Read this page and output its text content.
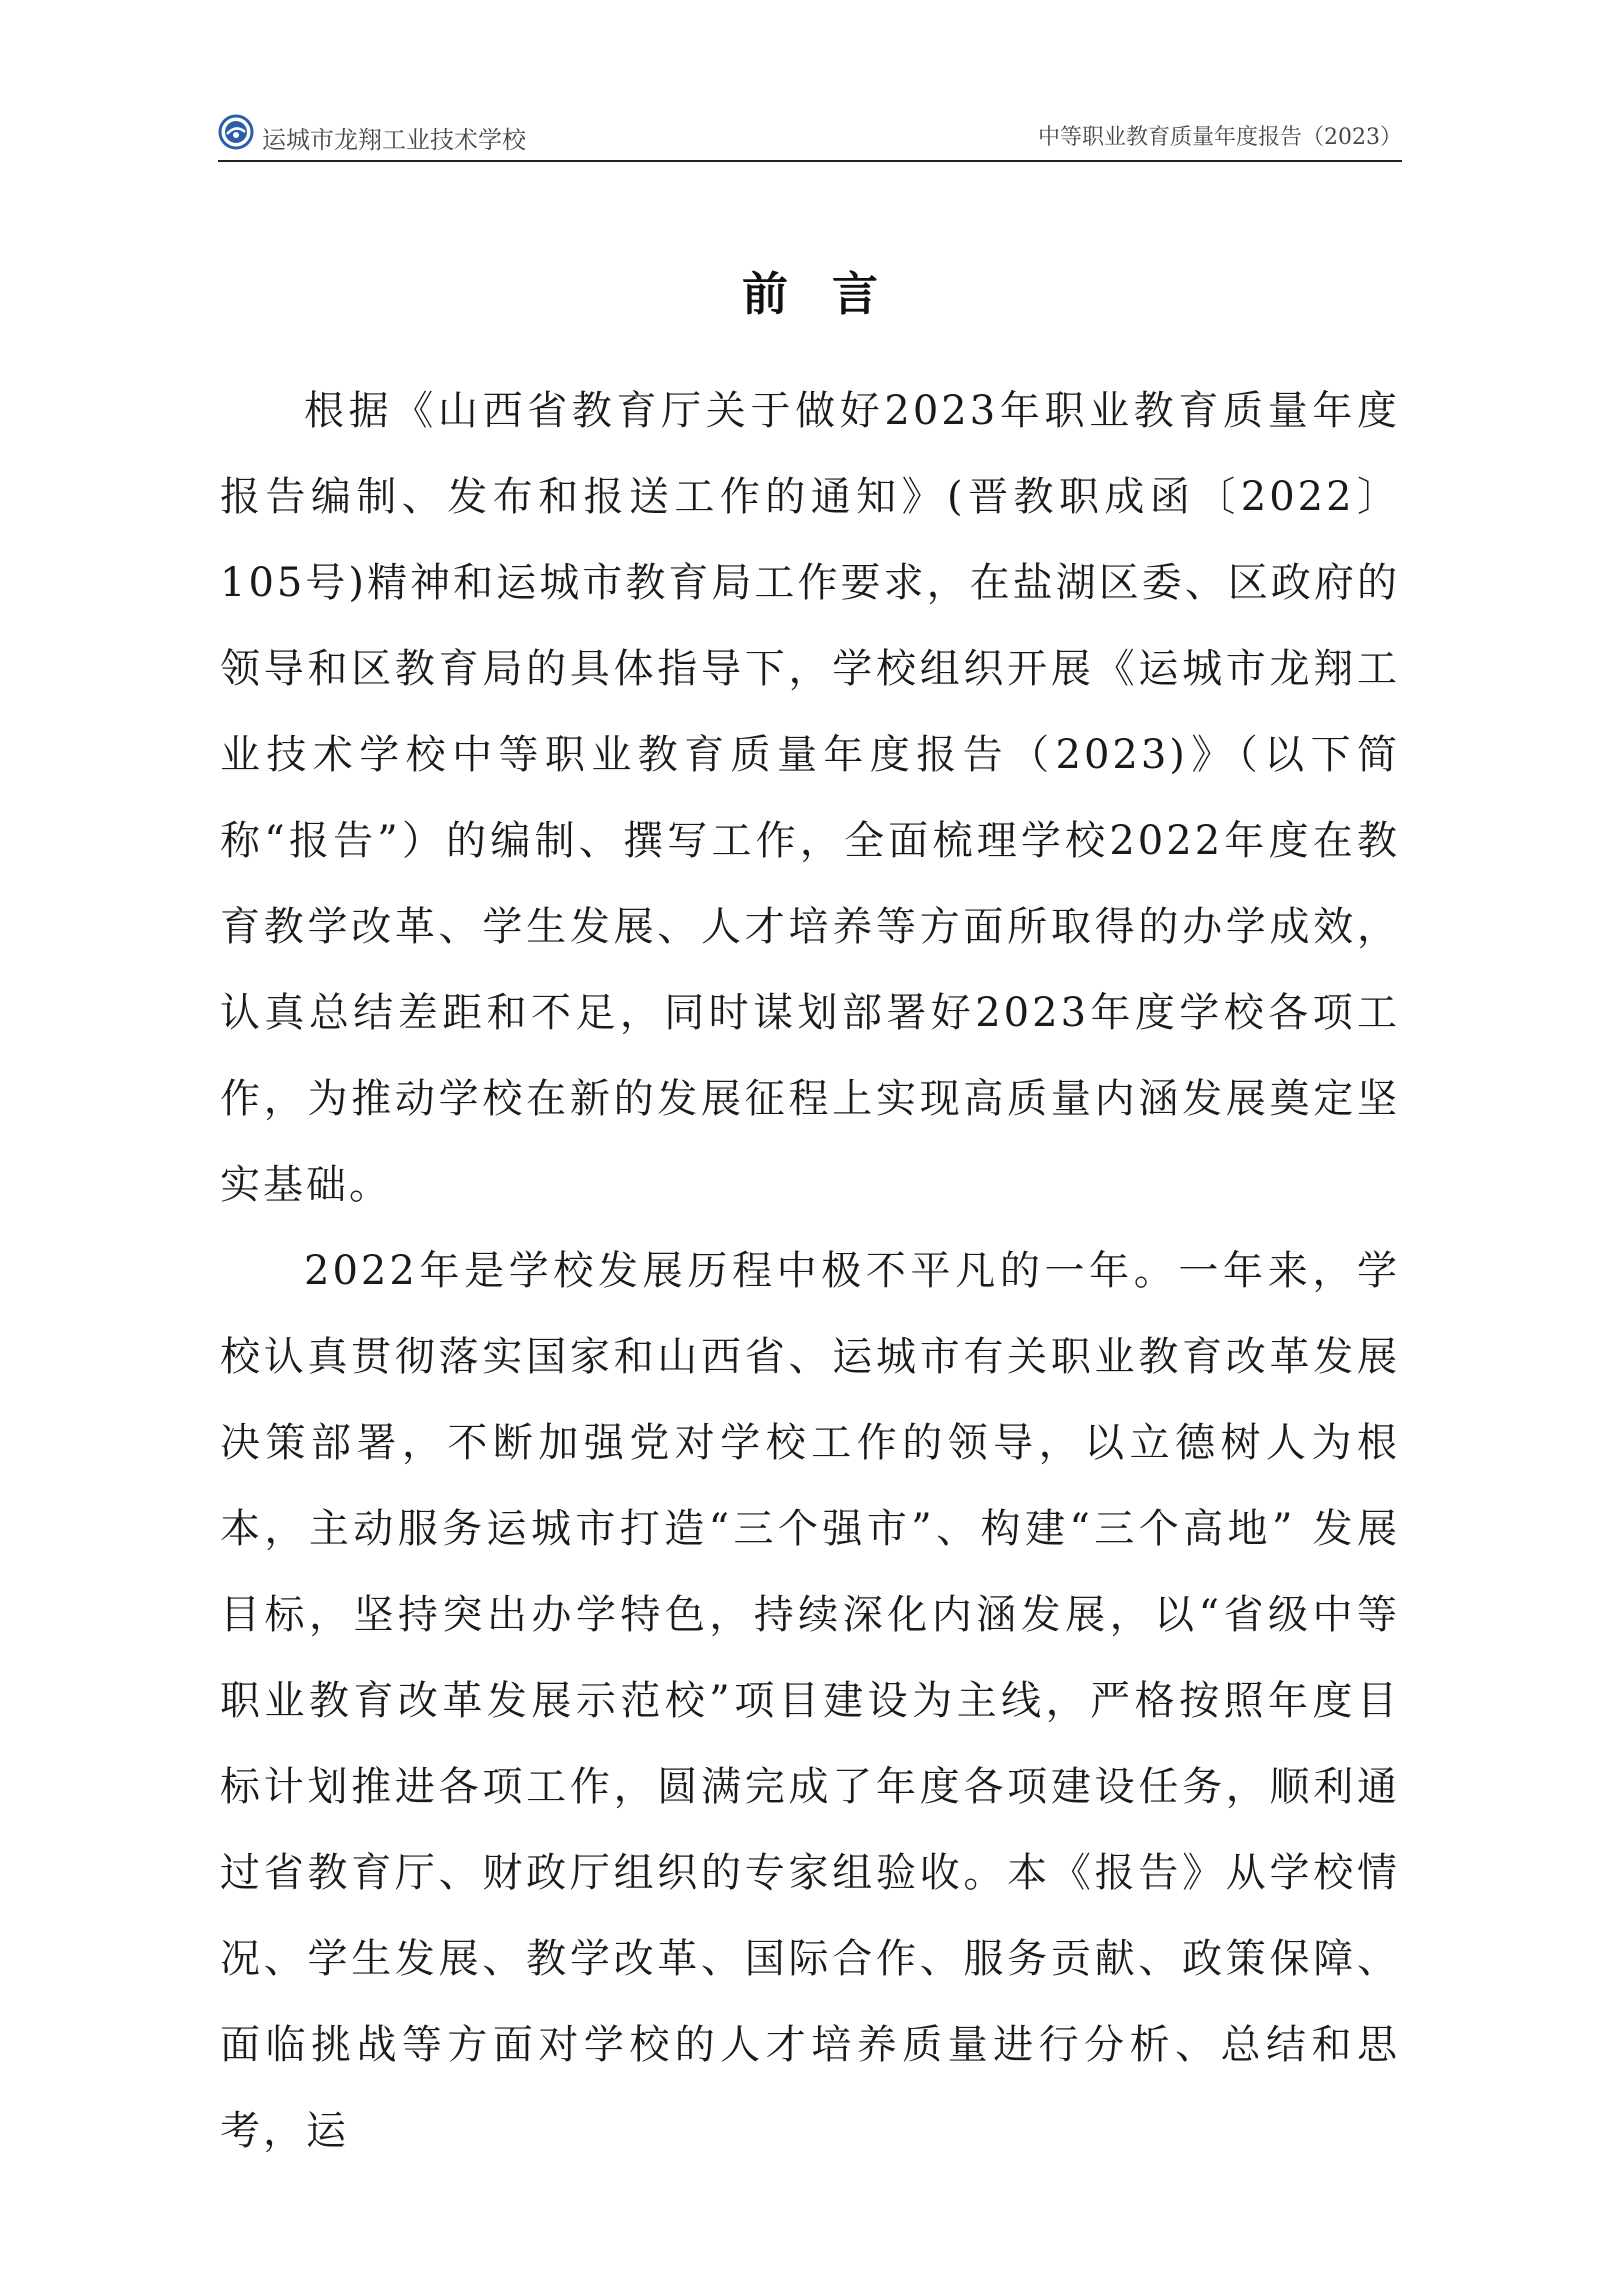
运城市龙翔工业技术学校	中等职业教育质量年度报告（2023）
前言

根据《山西省教育厅关于做好2023年职业教育质量年度报告编制、发布和报送工作的通知》(晋教职成函〔2022〕105号)精神和运城市教育局工作要求，在盐湖区委、区政府的领导和区教育局的具体指导下，学校组织开展《运城市龙翔工业技术学校中等职业教育质量年度报告（2023)》（以下简称“报告”）的编制、撰写工作，全面梳理学校2022年度在教育教学改革、学生发展、人才培养等方面所取得的办学成效，认真总结差距和不足，同时谋划部署好2023年度学校各项工作，为推动学校在新的发展征程上实现高质量内涵发展奠定坚实基础。

2022年是学校发展历程中极不平凡的一年。一年来，学校认真贯彻落实国家和山西省、运城市有关职业教育改革发展决策部署，不断加强党对学校工作的领导，以立德树人为根本，主动服务运城市打造“三个强市”、构建“三个高地” 发展目标，坚持突出办学特色，持续深化内涵发展，以“省级中等职业教育改革发展示范校”项目建设为主线，严格按照年度目标计划推进各项工作，圆满完成了年度各项建设任务，顺利通过省教育厅、财政厅组织的专家组验收。本《报告》从学校情况、学生发展、教学改革、国际合作、服务贡献、政策保障、面临挑战等方面对学校的人才培养质量进行分析、总结和思考，运
